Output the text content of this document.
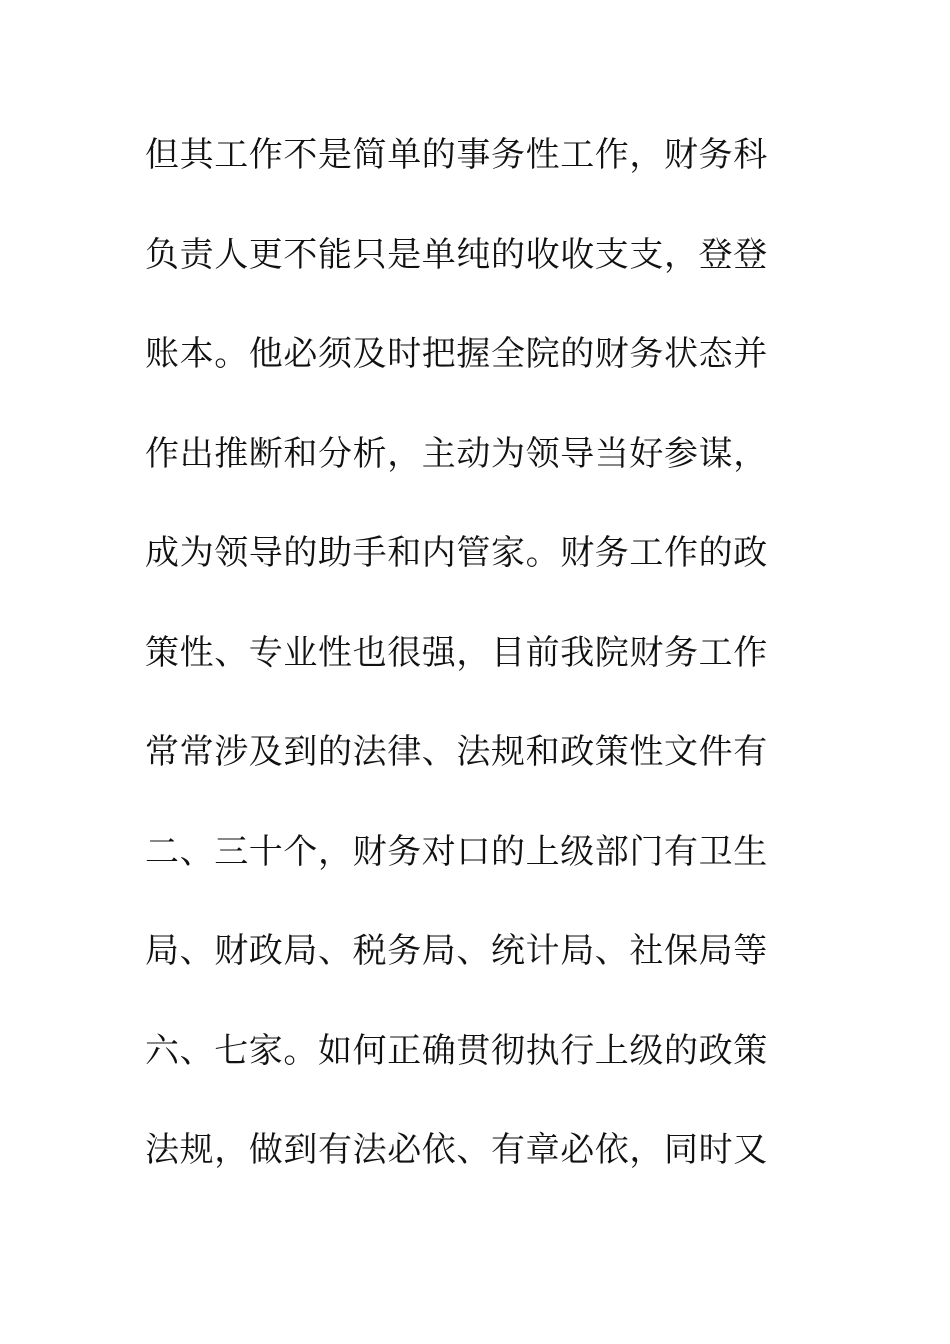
但其工作不是简单的事务性工作，财务科
负责人更不能只是单纯的收收支支，登登
账本。他必须及时把握全院的财务状态并
作出推断和分析，主动为领导当好参谋，
成为领导的助手和内管家。财务工作的政
策性、专业性也很强，目前我院财务工作
常常涉及到的法律、法规和政策性文件有
二、三十个，财务对口的上级部门有卫生
局、财政局、税务局、统计局、社保局等
六、七家。如何正确贯彻执行上级的政策
法规，做到有法必依、有章必依，同时又
